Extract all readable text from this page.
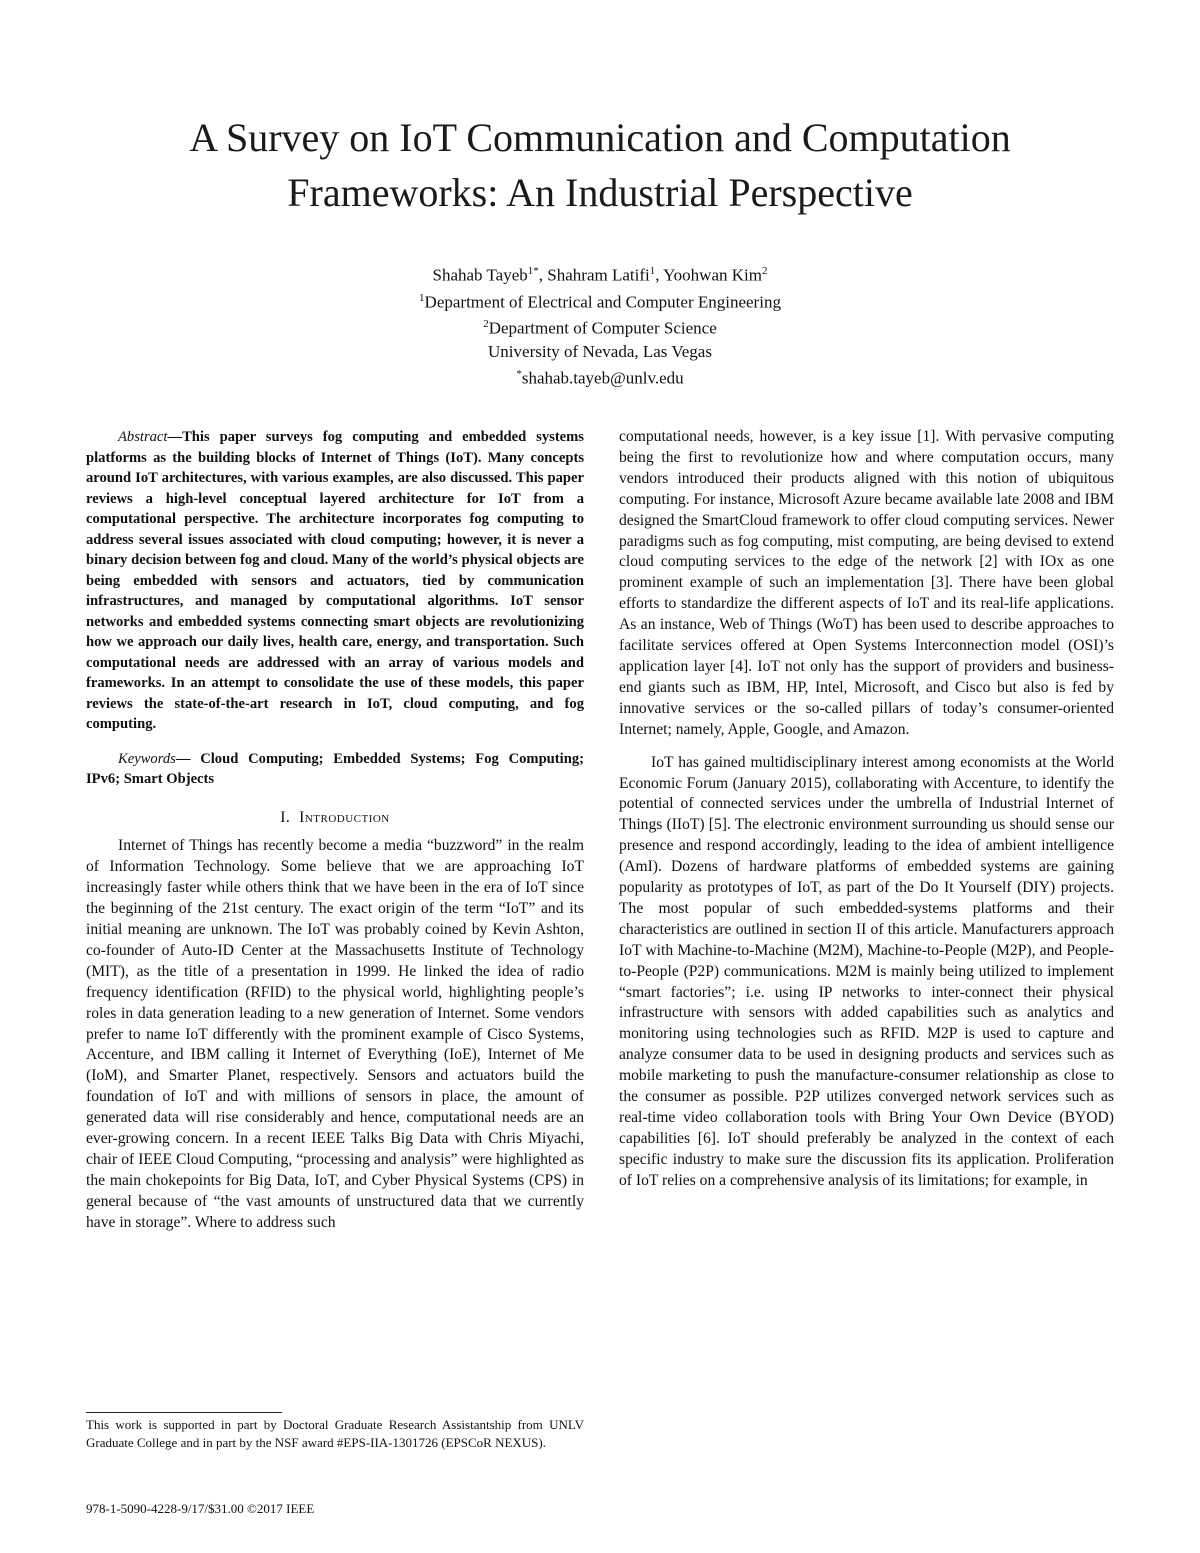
A Survey on IoT Communication and Computation
Frameworks: An Industrial Perspective
Shahab Tayeb$^{1*}$, Shahram Latifi$^1$, Yoohwan Kim$^2$
$^1$Department of Electrical and Computer Engineering
$^2$Department of Computer Science
University of Nevada, Las Vegas
*shahab.tayeb@unlv.edu
Abstract—This paper surveys fog computing and embedded systems platforms as the building blocks of Internet of Things (IoT). Many concepts around IoT architectures, with various examples, are also discussed. This paper reviews a high-level conceptual layered architecture for IoT from a computational perspective. The architecture incorporates fog computing to address several issues associated with cloud computing; however, it is never a binary decision between fog and cloud. Many of the world’s physical objects are being embedded with sensors and actuators, tied by communication infrastructures, and managed by computational algorithms. IoT sensor networks and embedded systems connecting smart objects are revolutionizing how we approach our daily lives, health care, energy, and transportation. Such computational needs are addressed with an array of various models and frameworks. In an attempt to consolidate the use of these models, this paper reviews the state-of-the-art research in IoT, cloud computing, and fog computing.
Keywords— Cloud Computing; Embedded Systems; Fog Computing; IPv6; Smart Objects
I. Introduction

Internet of Things has recently become a media “buzzword” in the realm of Information Technology. Some believe that we are approaching IoT increasingly faster while others think that we have been in the era of IoT since the beginning of the 21st century. The exact origin of the term “IoT” and its initial meaning are unknown. The IoT was probably coined by Kevin Ashton, co-founder of Auto-ID Center at the Massachusetts Institute of Technology (MIT), as the title of a presentation in 1999. He linked the idea of radio frequency identification (RFID) to the physical world, highlighting people’s roles in data generation leading to a new generation of Internet. Some vendors prefer to name IoT differently with the prominent example of Cisco Systems, Accenture, and IBM calling it Internet of Everything (IoE), Internet of Me (IoM), and Smarter Planet, respectively. Sensors and actuators build the foundation of IoT and with millions of sensors in place, the amount of generated data will rise considerably and hence, computational needs are an ever-growing concern. In a recent IEEE Talks Big Data with Chris Miyachi, chair of IEEE Cloud Computing, “processing and analysis” were highlighted as the main chokepoints for Big Data, IoT, and Cyber Physical Systems (CPS) in general because of “the vast amounts of unstructured data that we currently have in storage”. Where to address such

computational needs, however, is a key issue [1]. With pervasive computing being the first to revolutionize how and where computation occurs, many vendors introduced their products aligned with this notion of ubiquitous computing. For instance, Microsoft Azure became available late 2008 and IBM designed the SmartCloud framework to offer cloud computing services. Newer paradigms such as fog computing, mist computing, are being devised to extend cloud computing services to the edge of the network [2] with IOx as one prominent example of such an implementation [3]. There have been global efforts to standardize the different aspects of IoT and its real-life applications. As an instance, Web of Things (WoT) has been used to describe approaches to facilitate services offered at Open Systems Interconnection model (OSI)’s application layer [4]. IoT not only has the support of providers and business-end giants such as IBM, HP, Intel, Microsoft, and Cisco but also is fed by innovative services or the so-called pillars of today’s consumer-oriented Internet; namely, Apple, Google, and Amazon.

IoT has gained multidisciplinary interest among economists at the World Economic Forum (January 2015), collaborating with Accenture, to identify the potential of connected services under the umbrella of Industrial Internet of Things (IIoT) [5]. The electronic environment surrounding us should sense our presence and respond accordingly, leading to the idea of ambient intelligence (AmI). Dozens of hardware platforms of embedded systems are gaining popularity as prototypes of IoT, as part of the Do It Yourself (DIY) projects. The most popular of such embedded-systems platforms and their characteristics are outlined in section II of this article. Manufacturers approach IoT with Machine-to-Machine (M2M), Machine-to-People (M2P), and People-to-People (P2P) communications. M2M is mainly being utilized to implement “smart factories”; i.e. using IP networks to inter-connect their physical infrastructure with sensors with added capabilities such as analytics and monitoring using technologies such as RFID. M2P is used to capture and analyze consumer data to be used in designing products and services such as mobile marketing to push the manufacture-consumer relationship as close to the consumer as possible. P2P utilizes converged network services such as real-time video collaboration tools with Bring Your Own Device (BYOD) capabilities [6]. IoT should preferably be analyzed in the context of each specific industry to make sure the discussion fits its application. Proliferation of IoT relies on a comprehensive analysis of its limitations; for example, in

This work is supported in part by Doctoral Graduate Research Assistantship from UNLV Graduate College and in part by the NSF award #EPS-IIA-1301726 (EPSCoR NEXUS).
978-1-5090-4228-9/17/$31.00 ©2017 IEEE
